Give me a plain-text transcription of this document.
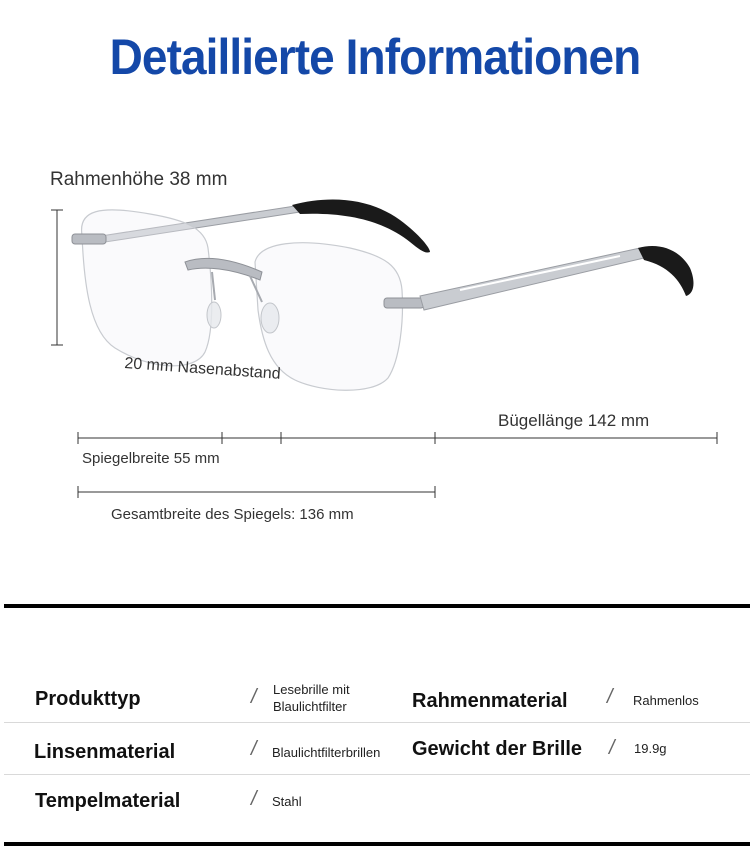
Detaillierte Informationen
Rahmenhöhe 38 mm
20 mm Nasenabstand
Bügellänge 142 mm
Spiegelbreite 55 mm
Gesamtbreite des Spiegels: 136 mm
Produkttyp	/ Lesebrille mit Blaulichtfilter	Rahmenmaterial / Rahmenlos
Linsenmaterial	/ Blaulichtfilterbrillen Gewicht der Brille / 19.9g
Tempelmaterial	/ Stahl
